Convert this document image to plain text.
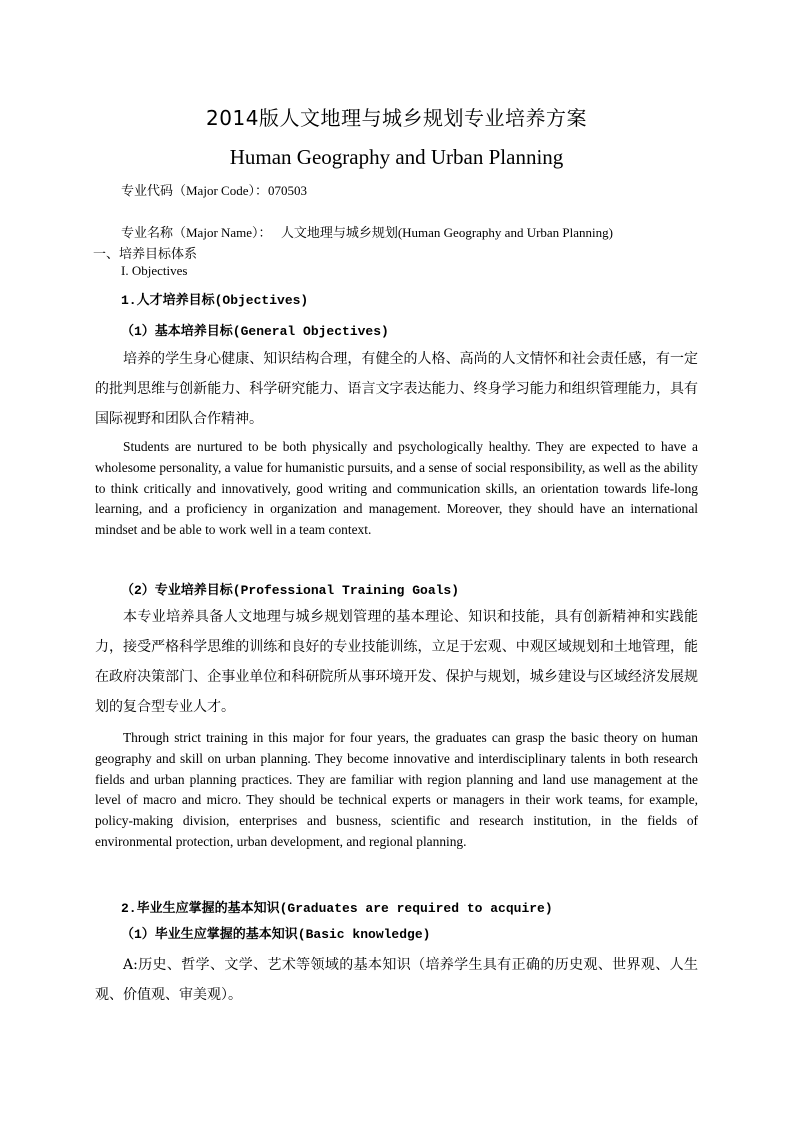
2014版人文地理与城乡规划专业培养方案
Human Geography and Urban Planning
专业代码（Major Code）：070503
专业名称（Major Name）： 人文地理与城乡规划(Human Geography and Urban Planning)
一、培养目标体系
I. Objectives
1.人才培养目标(Objectives)
（1）基本培养目标(General Objectives)
培养的学生身心健康、知识结构合理，有健全的人格、高尚的人文情怀和社会责任感，有一定的批判思维与创新能力、科学研究能力、语言文字表达能力、终身学习能力和组织管理能力，具有国际视野和团队合作精神。
Students are nurtured to be both physically and psychologically healthy. They are expected to have a wholesome personality, a value for humanistic pursuits, and a sense of social responsibility, as well as the ability to think critically and innovatively, good writing and communication skills, an orientation towards life-long learning, and a proficiency in organization and management. Moreover, they should have an international mindset and be able to work well in a team context.
（2）专业培养目标(Professional Training Goals)
本专业培养具备人文地理与城乡规划管理的基本理论、知识和技能，具有创新精神和实践能力，接受严格科学思维的训练和良好的专业技能训练，立足于宏观、中观区域规划和土地管理，能在政府决策部门、企事业单位和科研院所从事环境开发、保护与规划，城乡建设与区域经济发展规划的复合型专业人才。
Through strict training in this major for four years, the graduates can grasp the basic theory on human geography and skill on urban planning. They become innovative and interdisciplinary talents in both research fields and urban planning practices. They are familiar with region planning and land use management at the level of macro and micro. They should be technical experts or managers in their work teams, for example, policy-making division, enterprises and busness, scientific and research institution, in the fields of environmental protection, urban development, and regional planning.
2.毕业生应掌握的基本知识(Graduates are required to acquire)
（1）毕业生应掌握的基本知识(Basic knowledge)
A:历史、哲学、文学、艺术等领域的基本知识（培养学生具有正确的历史观、世界观、人生观、价值观、审美观）。
